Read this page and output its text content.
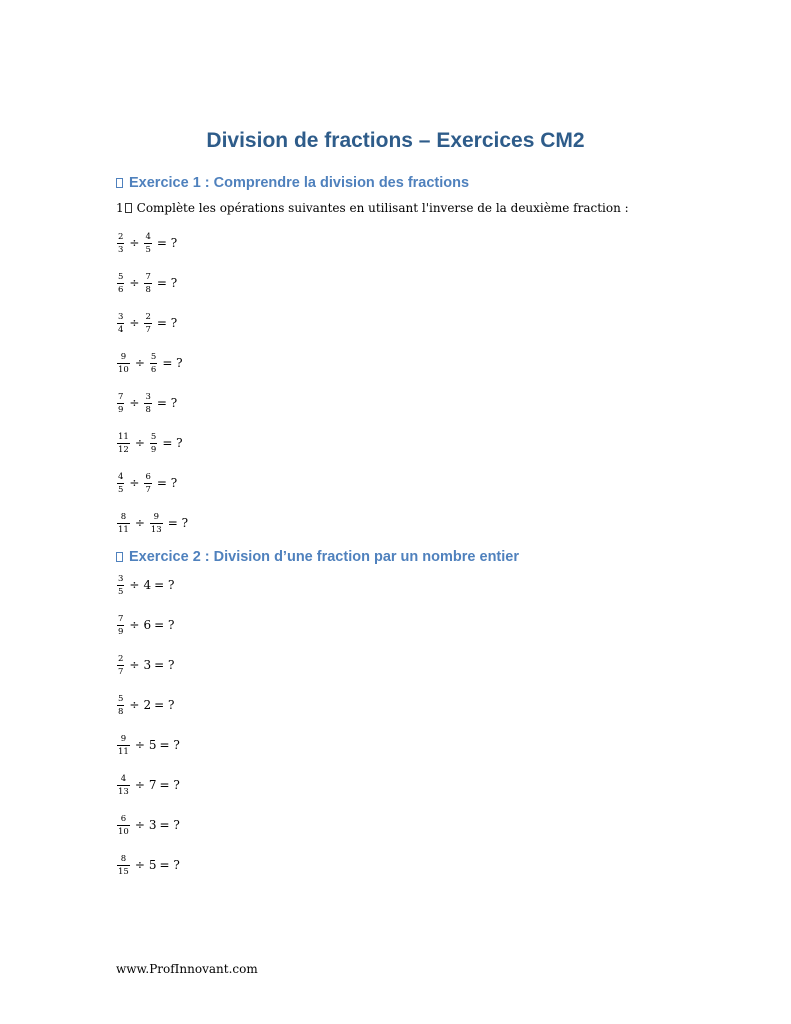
Division de fractions – Exercices CM2
Exercice 1 : Comprendre la division des fractions

1 Complète les opérations suivantes en utilisant l'inverse de la deuxième fraction :

$\frac{2}{3} \div \frac{4}{5}$ = ?
$\frac{5}{6} \div \frac{7}{8}$ = ?
$\frac{3}{4} \div \frac{2}{7}$ = ?
$\frac{9}{10} \div \frac{5}{6}$ = ?
$\frac{7}{9} \div \frac{3}{8}$ = ?
$\frac{11}{12} \div \frac{5}{9}$ = ?
$\frac{4}{5} \div \frac{6}{7}$ = ?
$\frac{8}{11} \div \frac{9}{13}$ = ?
Exercice 2 : Division d’une fraction par un nombre entier
$\frac{3}{5} \div 4$ = ?
$\frac{7}{9} \div 6$ = ?
$\frac{2}{7} \div 3$ = ?
$\frac{5}{8} \div 2$ = ?
$\frac{9}{11} \div 5$ = ?
$\frac{4}{13} \div 7$ = ?
$\frac{6}{10} \div 3$ = ?
$\frac{8}{15} \div 5$ = ?

www.ProfInnovant.com
